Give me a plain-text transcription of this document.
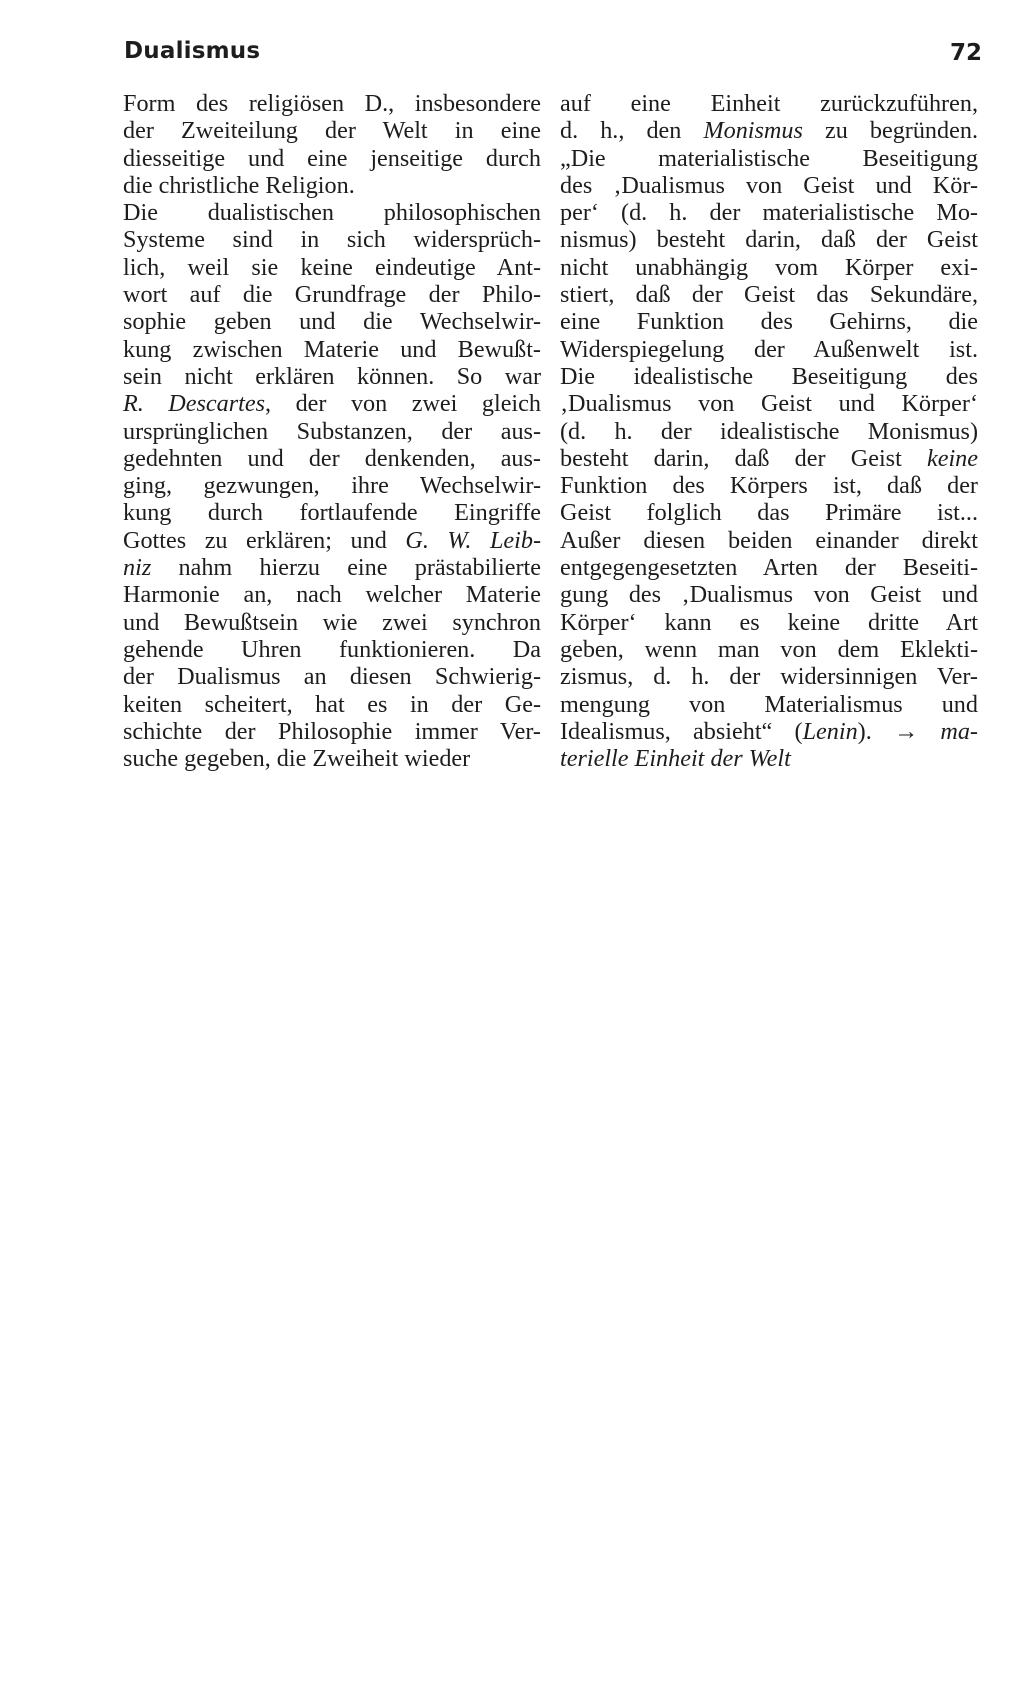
Dualismus	72
Form des religiösen D., insbesondere
der Zweiteilung der Welt in eine
diesseitige und eine jenseitige durch
die christliche Religion.
Die dualistischen philosophischen
Systeme sind in sich widersprüch-
lich, weil sie keine eindeutige Ant-
wort auf die Grundfrage der Philo-
sophie geben und die Wechselwir-
kung zwischen Materie und Bewußt-
sein nicht erklären können. So war
R. Descartes, der von zwei gleich
ursprünglichen Substanzen, der aus-
gedehnten und der denkenden, aus-
ging, gezwungen, ihre Wechselwir-
kung durch fortlaufende Eingriffe
Gottes zu erklären; und G. W. Leib-
niz nahm hierzu eine prästabilierte
Harmonie an, nach welcher Materie
und Bewußtsein wie zwei synchron
gehende Uhren funktionieren. Da
der Dualismus an diesen Schwierig-
keiten scheitert, hat es in der Ge-
schichte der Philosophie immer Ver-
suche gegeben, die Zweiheit wieder
auf eine Einheit zurückzuführen,
d. h., den Monismus zu begründen.
„Die materialistische Beseitigung
des ‚Dualismus von Geist und Kör-
per‘ (d. h. der materialistische Mo-
nismus) besteht darin, daß der Geist
nicht unabhängig vom Körper exi-
stiert, daß der Geist das Sekundäre,
eine Funktion des Gehirns, die
Widerspiegelung der Außenwelt ist.
Die idealistische Beseitigung des
‚Dualismus von Geist und Körper‘
(d. h. der idealistische Monismus)
besteht darin, daß der Geist keine
Funktion des Körpers ist, daß der
Geist folglich das Primäre ist...
Außer diesen beiden einander direkt
entgegengesetzten Arten der Beseiti-
gung des ‚Dualismus von Geist und
Körper‘ kann es keine dritte Art
geben, wenn man von dem Eklekti-
zismus, d. h. der widersinnigen Ver-
mengung von Materialismus und
Idealismus, absieht“ (Lenin). → ma-
terielle Einheit der Welt
